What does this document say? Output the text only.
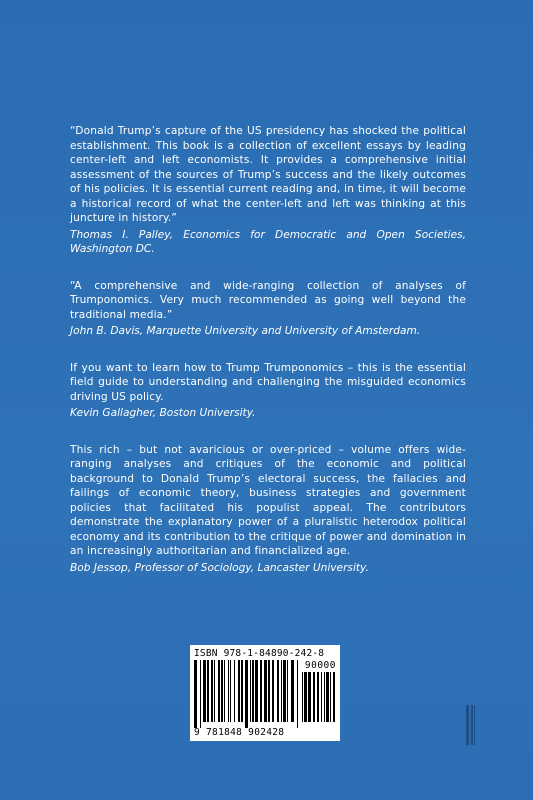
“Donald Trump’s capture of the US presidency has shocked the political establishment. This book is a collection of excellent essays by leading center-left and left economists. It provides a comprehensive initial assessment of the sources of Trump’s success and the likely outcomes of his policies. It is essential current reading and, in time, it will become a historical record of what the center-left and left was thinking at this juncture in history.”
Thomas I. Palley, Economics for Democratic and Open Societies, Washington DC.
“A comprehensive and wide-ranging collection of analyses of Trumponomics. Very much recommended as going well beyond the traditional media.”
John B. Davis, Marquette University and University of Amsterdam.
If you want to learn how to Trump Trumponomics – this is the essential field guide to understanding and challenging the misguided economics driving US policy.
Kevin Gallagher, Boston University.
This rich – but not avaricious or over-priced – volume offers wide-ranging analyses and critiques of the economic and political background to Donald Trump’s electoral success, the fallacies and failings of economic theory, business strategies and government policies that facilitated his populist appeal. The contributors demonstrate the explanatory power of a pluralistic heterodox political economy and its contribution to the critique of power and domination in an increasingly authoritarian and financialized age.
Bob Jessop, Professor of Sociology, Lancaster University.
ISBN 978-1-84890-242-8
90000
9 781848 902428
